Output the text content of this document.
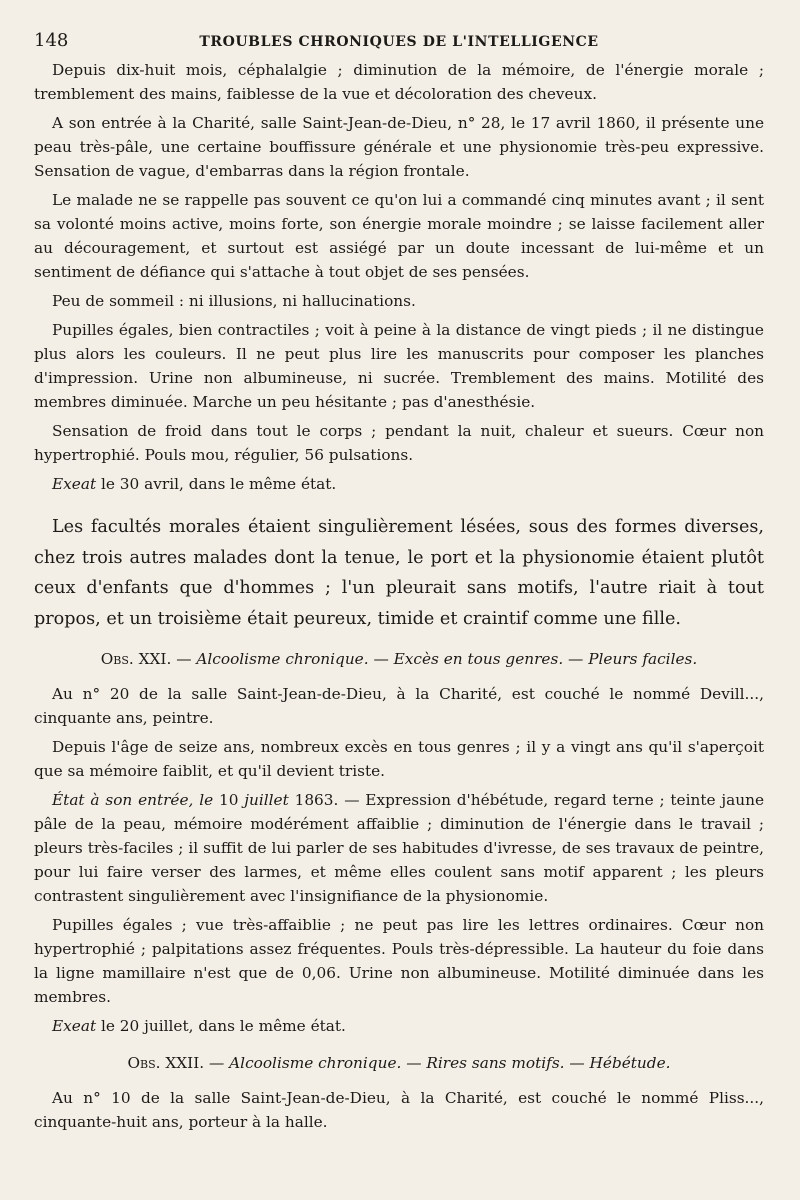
148	TROUBLES CHRONIQUES DE L'INTELLIGENCE

Depuis dix-huit mois, céphalalgie ; diminution de la mémoire, de l'énergie morale ; tremblement des mains, faiblesse de la vue et décoloration des cheveux.

A son entrée à la Charité, salle Saint-Jean-de-Dieu, n° 28, le 17 avril 1860, il présente une peau très-pâle, une certaine bouffissure générale et une physionomie très-peu expressive. Sensation de vague, d'embarras dans la région frontale.

Le malade ne se rappelle pas souvent ce qu'on lui a commandé cinq minutes avant ; il sent sa volonté moins active, moins forte, son énergie morale moindre ; se laisse facilement aller au découragement, et surtout est assiégé par un doute incessant de lui-même et un sentiment de défiance qui s'attache à tout objet de ses pensées.

Peu de sommeil : ni illusions, ni hallucinations.

Pupilles égales, bien contractiles ; voit à peine à la distance de vingt pieds ; il ne distingue plus alors les couleurs. Il ne peut plus lire les manuscrits pour composer les planches d'impression. Urine non albumineuse, ni sucrée. Tremblement des mains. Motilité des membres diminuée. Marche un peu hésitante ; pas d'anesthésie.

Sensation de froid dans tout le corps ; pendant la nuit, chaleur et sueurs. Cœur non hypertrophié. Pouls mou, régulier, 56 pulsations.

Exeat le 30 avril, dans le même état.

Les facultés morales étaient singulièrement lésées, sous des formes diverses, chez trois autres malades dont la tenue, le port et la physionomie étaient plutôt ceux d'enfants que d'hommes ; l'un pleurait sans motifs, l'autre riait à tout propos, et un troisième était peureux, timide et craintif comme une fille.

Obs. XXI. — Alcoolisme chronique. — Excès en tous genres. — Pleurs faciles.

Au n° 20 de la salle Saint-Jean-de-Dieu, à la Charité, est couché le nommé Devill..., cinquante ans, peintre.

Depuis l'âge de seize ans, nombreux excès en tous genres ; il y a vingt ans qu'il s'aperçoit que sa mémoire faiblit, et qu'il devient triste.

État à son entrée, le 10 juillet 1863. — Expression d'hébétude, regard terne ; teinte jaune pâle de la peau, mémoire modérément affaiblie ; diminution de l'énergie dans le travail ; pleurs très-faciles ; il suffit de lui parler de ses habitudes d'ivresse, de ses travaux de peintre, pour lui faire verser des larmes, et même elles coulent sans motif apparent ; les pleurs contrastent singulièrement avec l'insignifiance de la physionomie.

Pupilles égales ; vue très-affaiblie ; ne peut pas lire les lettres ordinaires. Cœur non hypertrophié ; palpitations assez fréquentes. Pouls très-dépressible. La hauteur du foie dans la ligne mamillaire n'est que de 0,06. Urine non albumineuse. Motilité diminuée dans les membres.

Exeat le 20 juillet, dans le même état.

Obs. XXII. — Alcoolisme chronique. — Rires sans motifs. — Hébétude.

Au n° 10 de la salle Saint-Jean-de-Dieu, à la Charité, est couché le nommé Pliss..., cinquante-huit ans, porteur à la halle.
